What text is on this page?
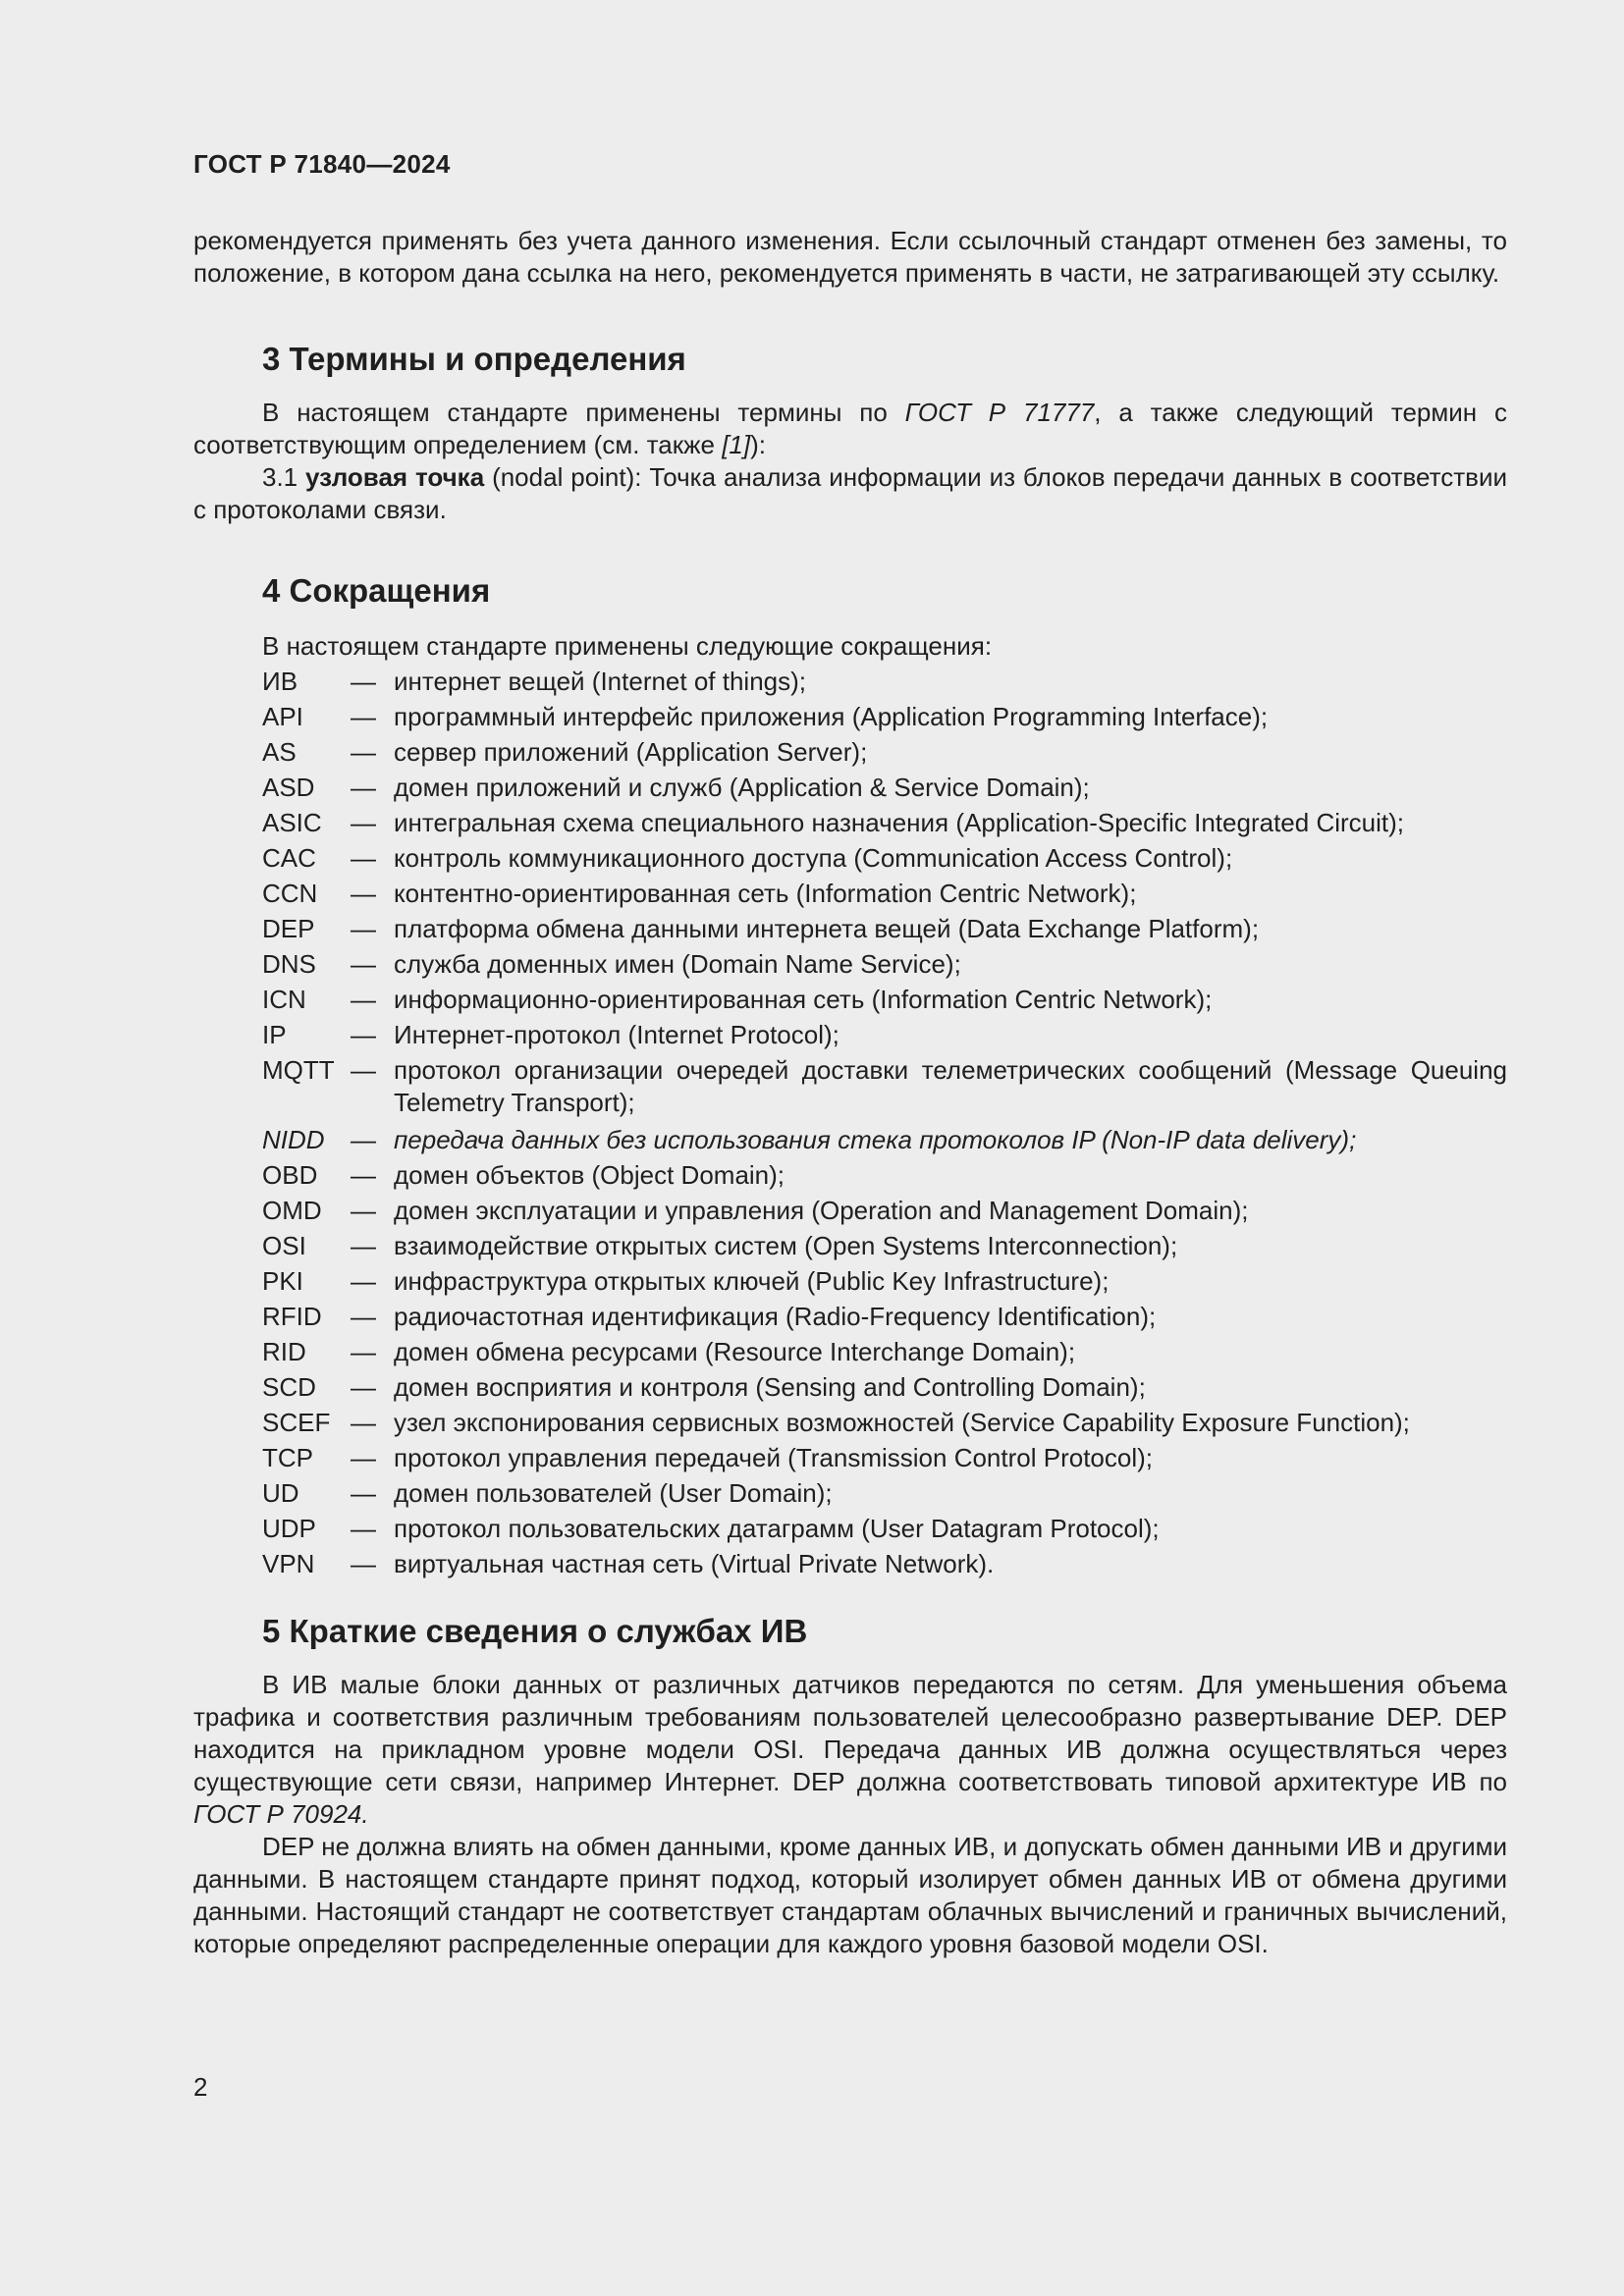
ГОСТ Р 71840—2024

рекомендуется применять без учета данного изменения. Если ссылочный стандарт отменен без замены, то положение, в котором дана ссылка на него, рекомендуется применять в части, не затрагивающей эту ссылку.

3 Термины и определения

В настоящем стандарте применены термины по ГОСТ Р 71777, а также следующий термин с соответствующим определением (см. также [1]):

3.1 узловая точка (nodal point): Точка анализа информации из блоков передачи данных в соответствии с протоколами связи.

4 Сокращения
В настоящем стандарте применены следующие сокращения:
ИВ	— интернет вещей (Internet of things);
API	— программный интерфейс приложения (Application Programming Interface);
AS	— сервер приложений (Application Server);
ASD	— домен приложений и служб (Application & Service Domain);
ASIC	— интегральная схема специального назначения (Application-Specific Integrated Circuit);
CAC	— контроль коммуникационного доступа (Communication Access Control);
CCN	— контентно-ориентированная сеть (Information Centric Network);
DEP	— платформа обмена данными интернета вещей (Data Exchange Platform);
DNS	— служба доменных имен (Domain Name Service);
ICN	— информационно-ориентированная сеть (Information Centric Network);
IP	— Интернет-протокол (Internet Protocol);
MQTT — протокол организации очередей доставки телеметрических сообщений (Message Queuing Telemetry Transport);
NIDD	— передача данных без использования стека протоколов IP (Non-IP data delivery);
OBD	— домен объектов (Object Domain);
OMD	— домен эксплуатации и управления (Operation and Management Domain);
OSI	— взаимодействие открытых систем (Open Systems Interconnection);
PKI	— инфраструктура открытых ключей (Public Key Infrastructure);
RFID	— радиочастотная идентификация (Radio-Frequency Identification);
RID	— домен обмена ресурсами (Resource Interchange Domain);
SCD	— домен восприятия и контроля (Sensing and Controlling Domain);
SCEF — узел экспонирования сервисных возможностей (Service Capability Exposure Function);
TCP	— протокол управления передачей (Transmission Control Protocol);
UD	— домен пользователей (User Domain);
UDP	— протокол пользовательских датаграмм (User Datagram Protocol);
VPN	— виртуальная частная сеть (Virtual Private Network).
5 Краткие сведения о службах ИВ

В ИВ малые блоки данных от различных датчиков передаются по сетям. Для уменьшения объема трафика и соответствия различным требованиям пользователей целесообразно развертывание DEP. DEP находится на прикладном уровне модели OSI. Передача данных ИВ должна осуществляться через существующие сети связи, например Интернет. DEP должна соответствовать типовой архитектуре ИВ по ГОСТ Р 70924.

DEP не должна влиять на обмен данными, кроме данных ИВ, и допускать обмен данными ИВ и другими данными. В настоящем стандарте принят подход, который изолирует обмен данных ИВ от обмена другими данными. Настоящий стандарт не соответствует стандартам облачных вычислений и граничных вычислений, которые определяют распределенные операции для каждого уровня базовой модели OSI.

2
